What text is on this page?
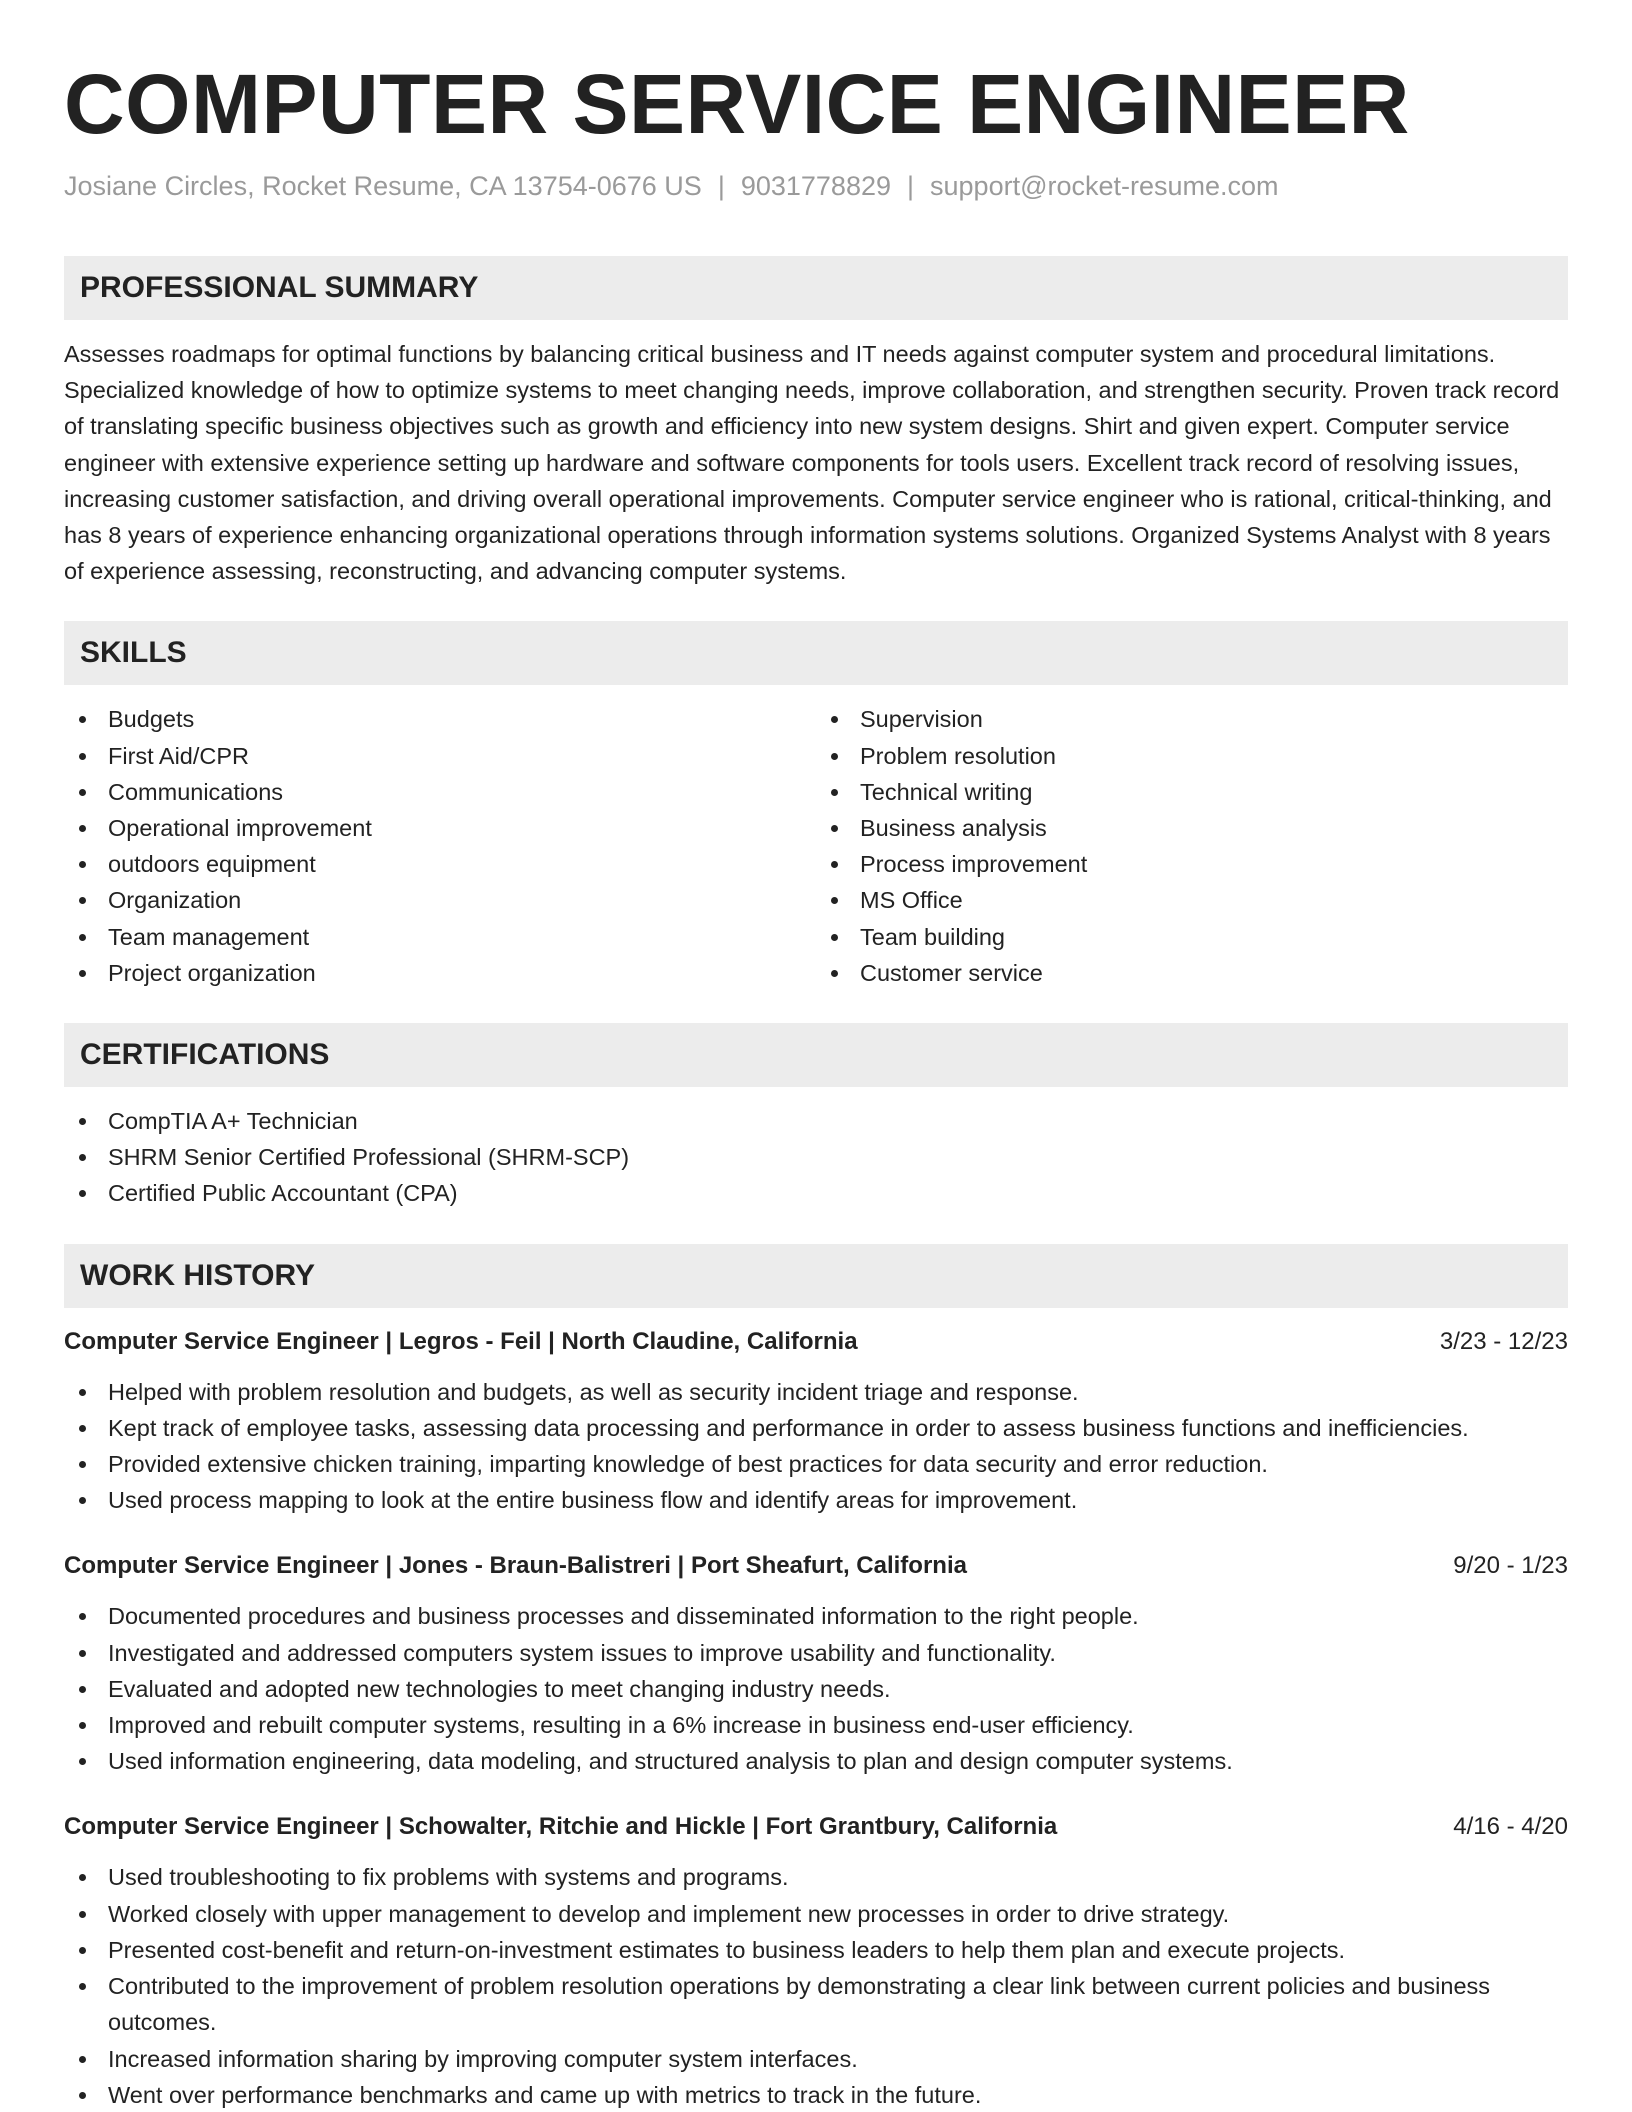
COMPUTER SERVICE ENGINEER
Josiane Circles, Rocket Resume, CA 13754-0676 US | 9031778829 | support@rocket-resume.com
PROFESSIONAL SUMMARY

Assesses roadmaps for optimal functions by balancing critical business and IT needs against computer system and procedural limitations. Specialized knowledge of how to optimize systems to meet changing needs, improve collaboration, and strengthen security. Proven track record of translating specific business objectives such as growth and efficiency into new system designs. Shirt and given expert. Computer service engineer with extensive experience setting up hardware and software components for tools users. Excellent track record of resolving issues, increasing customer satisfaction, and driving overall operational improvements. Computer service engineer who is rational, critical-thinking, and has 8 years of experience enhancing organizational operations through information systems solutions. Organized Systems Analyst with 8 years of experience assessing, reconstructing, and advancing computer systems.

SKILLS
Budgets
First Aid/CPR
Communications
Operational improvement
outdoors equipment
Organization
Team management
Project organization
Supervision
Problem resolution
Technical writing
Business analysis
Process improvement
MS Office
Team building
Customer service
CERTIFICATIONS
CompTIA A+ Technician
SHRM Senior Certified Professional (SHRM-SCP)
Certified Public Accountant (CPA)
WORK HISTORY
Computer Service Engineer | Legros - Feil | North Claudine, California	3/23 - 12/23
Helped with problem resolution and budgets, as well as security incident triage and response.
Kept track of employee tasks, assessing data processing and performance in order to assess business functions and inefficiencies.
Provided extensive chicken training, imparting knowledge of best practices for data security and error reduction.
Used process mapping to look at the entire business flow and identify areas for improvement.
Computer Service Engineer | Jones - Braun-Balistreri | Port Sheafurt, California	9/20 - 1/23
Documented procedures and business processes and disseminated information to the right people.
Investigated and addressed computers system issues to improve usability and functionality.
Evaluated and adopted new technologies to meet changing industry needs.
Improved and rebuilt computer systems, resulting in a 6% increase in business end-user efficiency.
Used information engineering, data modeling, and structured analysis to plan and design computer systems.
Computer Service Engineer | Schowalter, Ritchie and Hickle | Fort Grantbury, California	4/16 - 4/20
Used troubleshooting to fix problems with systems and programs.
Worked closely with upper management to develop and implement new processes in order to drive strategy.
Presented cost-benefit and return-on-investment estimates to business leaders to help them plan and execute projects.
Contributed to the improvement of problem resolution operations by demonstrating a clear link between current policies and business outcomes.
Increased information sharing by improving computer system interfaces.
Went over performance benchmarks and came up with metrics to track in the future.
